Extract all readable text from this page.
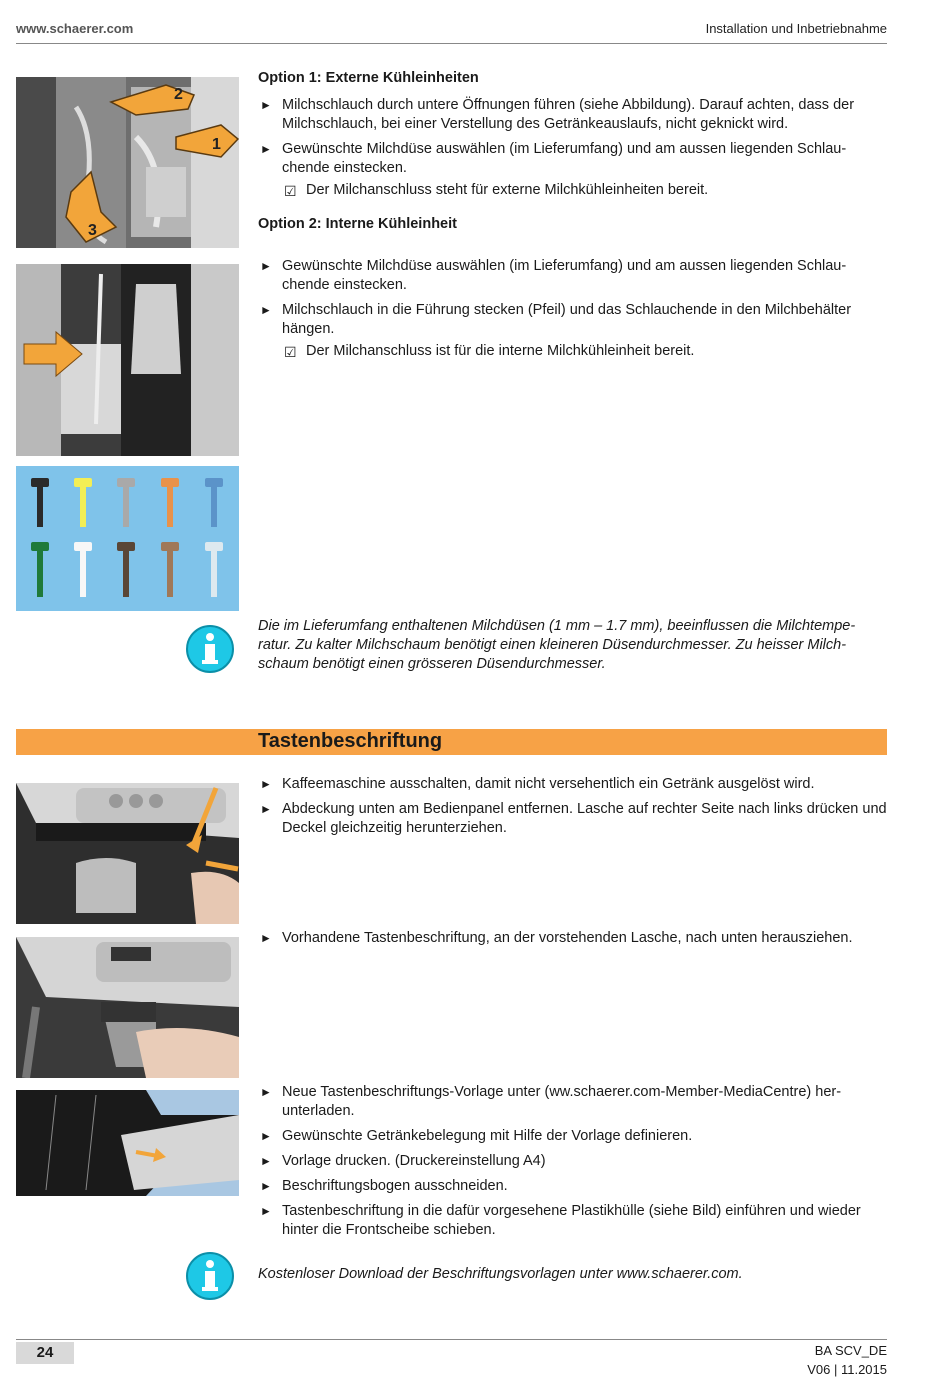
www.schaerer.com	Installation und Inbetriebnahme
2
1
3
Option 1: Externe Kühleinheiten

► Milchschlauch durch untere Öffnungen führen (siehe Abbildung). Darauf achten, dass der Milchschlauch, bei einer Verstellung des Getränkeauslaufs, nicht geknickt wird.

► Gewünschte Milchdüse auswählen (im Lieferumfang) und am aussen liegenden Schlau-chende einstecken.

☑ Der Milchanschluss steht für externe Milchkühleinheiten bereit.

Option 2: Interne Kühleinheit

► Gewünschte Milchdüse auswählen (im Lieferumfang) und am aussen liegenden Schlau-chende einstecken.

► Milchschlauch in die Führung stecken (Pfeil) und das Schlauchende in den Milchbehälter hängen.

☑ Der Milchanschluss ist für die interne Milchkühleinheit bereit.

Die im Lieferumfang enthaltenen Milchdüsen (1 mm – 1.7 mm), beeinflussen die Milchtempe-ratur. Zu kalter Milchschaum benötigt einen kleineren Düsendurchmesser. Zu heisser Milch-schaum benötigt einen grösseren Düsendurchmesser.
Tastenbeschriftung

► Kaffeemaschine ausschalten, damit nicht versehentlich ein Getränk ausgelöst wird.

► Abdeckung unten am Bedienpanel entfernen. Lasche auf rechter Seite nach links drücken und Deckel gleichzeitig herunterziehen.

► Vorhandene Tastenbeschriftung, an der vorstehenden Lasche, nach unten herausziehen.

► Neue Tastenbeschriftungs-Vorlage unter (ww.schaerer.com-Member-MediaCentre) her-unterladen.

► Gewünschte Getränkebelegung mit Hilfe der Vorlage definieren.

► Vorlage drucken. (Druckereinstellung A4)

► Beschriftungsbogen ausschneiden.

► Tastenbeschriftung in die dafür vorgesehene Plastikhülle (siehe Bild) einführen und wieder hinter die Frontscheibe schieben.

Kostenloser Download der Beschriftungsvorlagen unter www.schaerer.com.
24	BA SCV_DE
V06 | 11.2015
